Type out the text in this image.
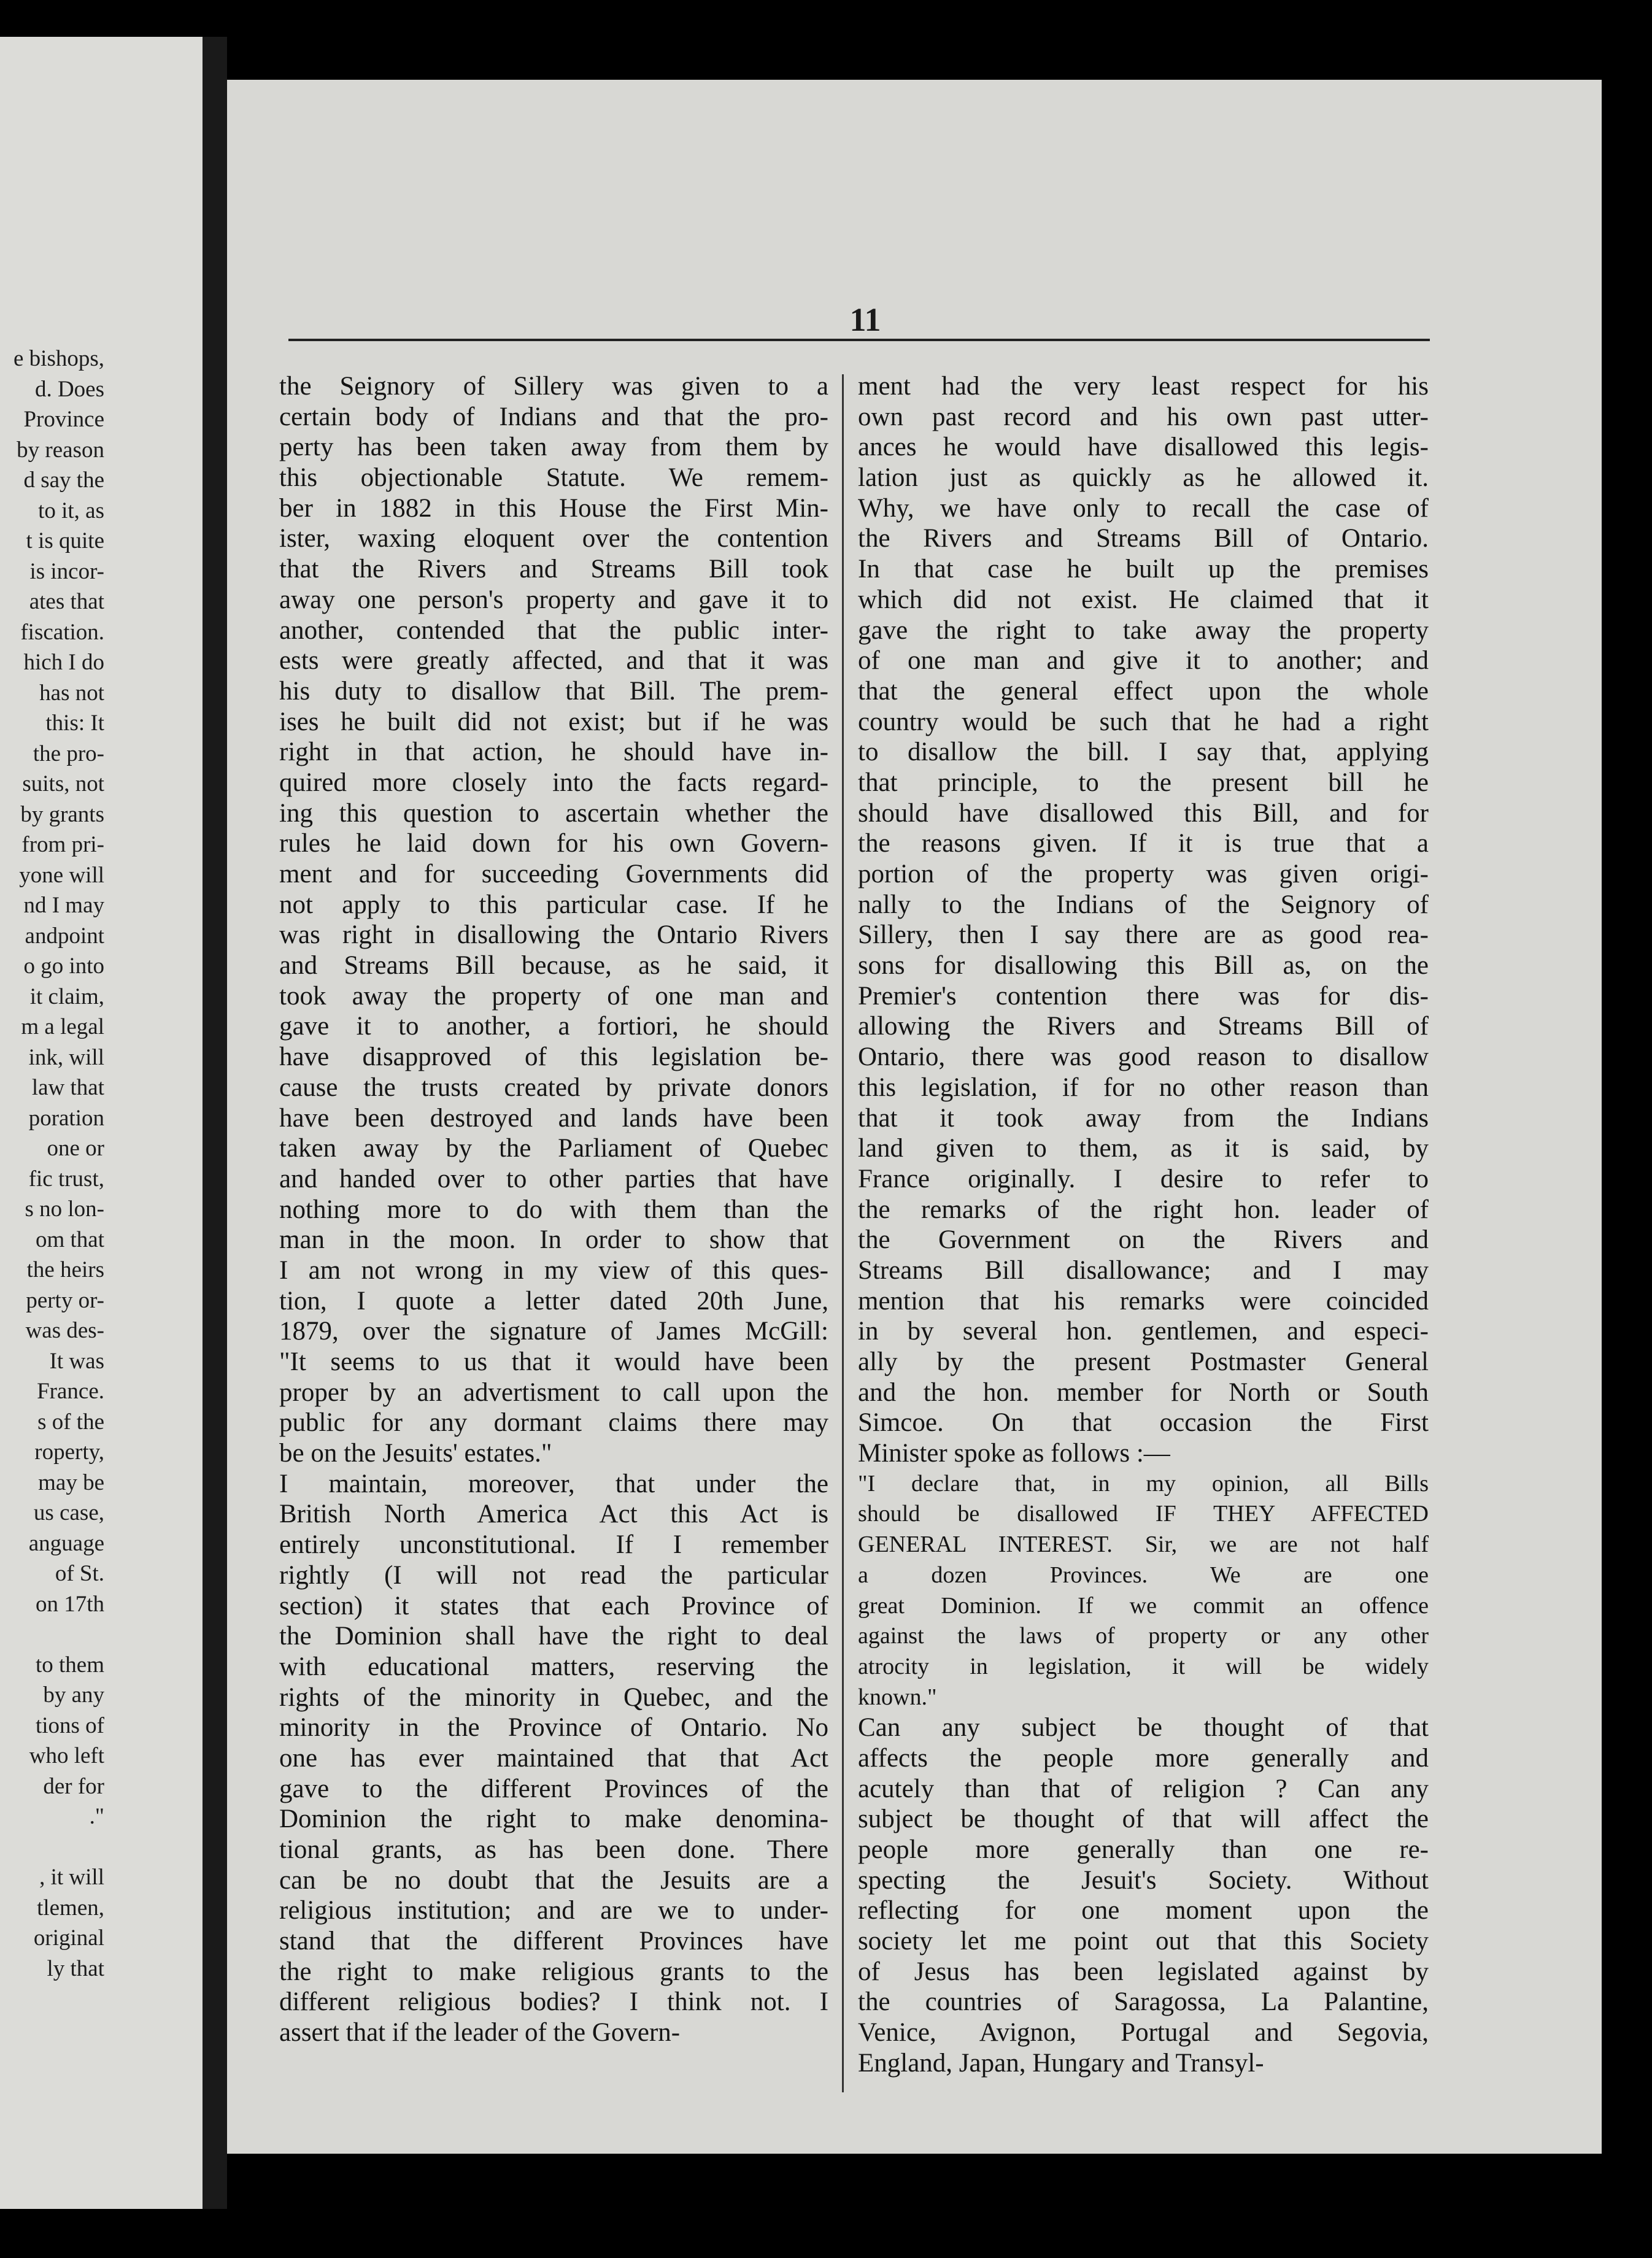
e bishops,
d. Does
Province
by reason
d say the
to it, as
t is quite
is incor-
ates that
fiscation.
hich I do
has not
this: It
the pro-
suits, not
by grants
from pri-
yone will
nd I may
andpoint
o go into
it claim,
m a legal
ink, will
law that
poration
one or
fic trust,
s no lon-
om that
the heirs
perty or-
was des-
It was
France.
s of the
roperty,
may be
us case,
anguage
of St.
on 17th

to them
by any
tions of
who left
der for
."

, it will
tlemen,
original
ly that
11
the Seignory of Sillery was given to a
certain body of Indians and that the pro-
perty has been taken away from them by
this objectionable Statute. We remem-
ber in 1882 in this House the First Min-
ister, waxing eloquent over the contention
that the Rivers and Streams Bill took
away one person's property and gave it to
another, contended that the public inter-
ests were greatly affected, and that it was
his duty to disallow that Bill. The prem-
ises he built did not exist; but if he was
right in that action, he should have in-
quired more closely into the facts regard-
ing this question to ascertain whether the
rules he laid down for his own Govern-
ment and for succeeding Governments did
not apply to this particular case. If he
was right in disallowing the Ontario Rivers
and Streams Bill because, as he said, it
took away the property of one man and
gave it to another, a fortiori, he should
have disapproved of this legislation be-
cause the trusts created by private donors
have been destroyed and lands have been
taken away by the Parliament of Quebec
and handed over to other parties that have
nothing more to do with them than the
man in the moon. In order to show that
I am not wrong in my view of this ques-
tion, I quote a letter dated 20th June,
1879, over the signature of James McGill:
"It seems to us that it would have been
proper by an advertisment to call upon the
public for any dormant claims there may
be on the Jesuits' estates."
I maintain, moreover, that under the
British North America Act this Act is
entirely unconstitutional. If I remember
rightly (I will not read the particular
section) it states that each Province of
the Dominion shall have the right to deal
with educational matters, reserving the
rights of the minority in Quebec, and the
minority in the Province of Ontario. No
one has ever maintained that that Act
gave to the different Provinces of the
Dominion the right to make denomina-
tional grants, as has been done. There
can be no doubt that the Jesuits are a
religious institution; and are we to under-
stand that the different Provinces have
the right to make religious grants to the
different religious bodies? I think not. I
assert that if the leader of the Govern-
ment had the very least respect for his
own past record and his own past utter-
ances he would have disallowed this legis-
lation just as quickly as he allowed it.
Why, we have only to recall the case of
the Rivers and Streams Bill of Ontario.
In that case he built up the premises
which did not exist. He claimed that it
gave the right to take away the property
of one man and give it to another; and
that the general effect upon the whole
country would be such that he had a right
to disallow the bill. I say that, applying
that principle, to the present bill he
should have disallowed this Bill, and for
the reasons given. If it is true that a
portion of the property was given origi-
nally to the Indians of the Seignory of
Sillery, then I say there are as good rea-
sons for disallowing this Bill as, on the
Premier's contention there was for dis-
allowing the Rivers and Streams Bill of
Ontario, there was good reason to disallow
this legislation, if for no other reason than
that it took away from the Indians
land given to them, as it is said, by
France originally. I desire to refer to
the remarks of the right hon. leader of
the Government on the Rivers and
Streams Bill disallowance; and I may
mention that his remarks were coincided
in by several hon. gentlemen, and especi-
ally by the present Postmaster General
and the hon. member for North or South
Simcoe. On that occasion the First
Minister spoke as follows :—
"I declare that, in my opinion, all Bills
should be disallowed IF THEY AFFECTED
GENERAL INTEREST. Sir, we are not half
a dozen Provinces. We are one
great Dominion. If we commit an offence
against the laws of property or any other
atrocity in legislation, it will be widely
known."
Can any subject be thought of that
affects the people more generally and
acutely than that of religion ? Can any
subject be thought of that will affect the
people more generally than one re-
specting the Jesuit's Society. Without
reflecting for one moment upon the
society let me point out that this Society
of Jesus has been legislated against by
the countries of Saragossa, La Palantine,
Venice, Avignon, Portugal and Segovia,
England, Japan, Hungary and Transyl-
